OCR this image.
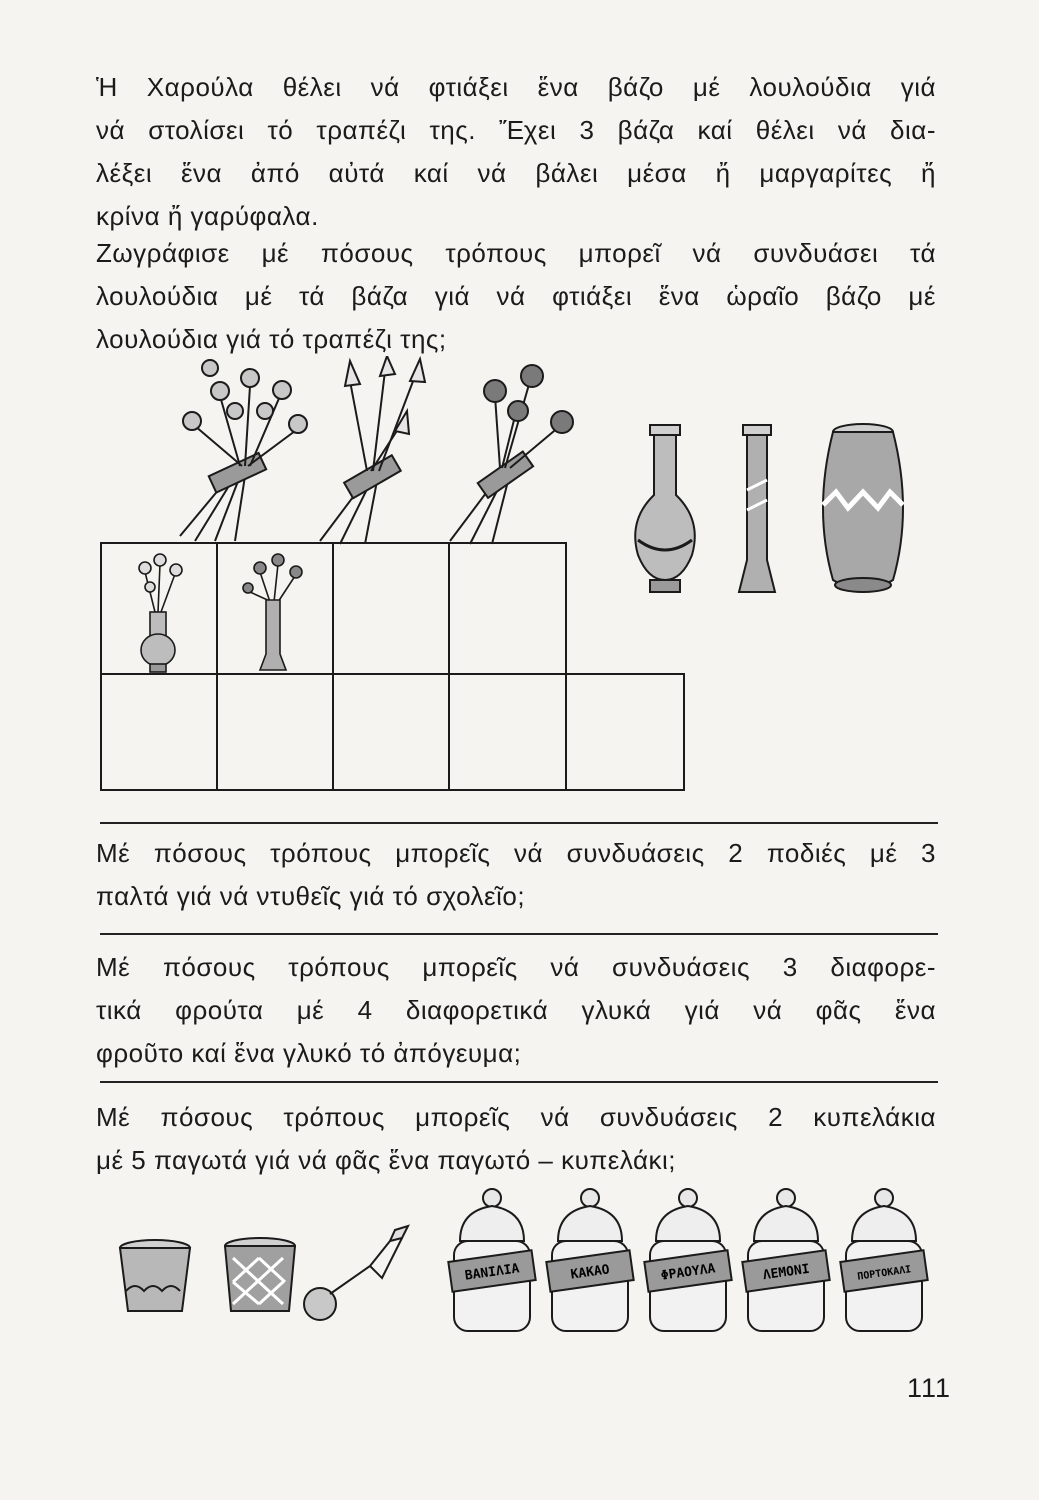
Ἡ Χαρούλα θέλει νά φτιάξει ἕνα βάζο μέ λουλούδια γιά
νά στολίσει τό τραπέζι της. Ἔχει 3 βάζα καί θέλει νά δια-
λέξει ἕνα ἀπό αὐτά καί νά βάλει μέσα ἤ μαργαρίτες ἤ
κρίνα ἤ γαρύφαλα.
Ζωγράφισε μέ πόσους τρόπους μπορεῖ νά συνδυάσει τά
λουλούδια μέ τά βάζα γιά νά φτιάξει ἕνα ὡραῖο βάζο μέ
λουλούδια γιά τό τραπέζι της;
Μέ πόσους τρόπους μπορεῖς νά συνδυάσεις 2 ποδιές μέ 3
παλτά γιά νά ντυθεῖς γιά τό σχολεῖο;
Μέ πόσους τρόπους μπορεῖς νά συνδυάσεις 3 διαφορε-
τικά φρούτα μέ 4 διαφορετικά γλυκά γιά νά φᾶς ἕνα
φροῦτο καί ἕνα γλυκό τό ἀπόγευμα;
Μέ πόσους τρόπους μπορεῖς νά συνδυάσεις 2 κυπελάκια
μέ 5 παγωτά γιά νά φᾶς ἕνα παγωτό – κυπελάκι;
ΒΑΝΙΛΙΑ	ΚΑΚΑΟ	ΦΡΑΟΥΛΑ	ΛΕΜΟΝΙ	ΠΟΡΤΟΚΑΛΙ
111
